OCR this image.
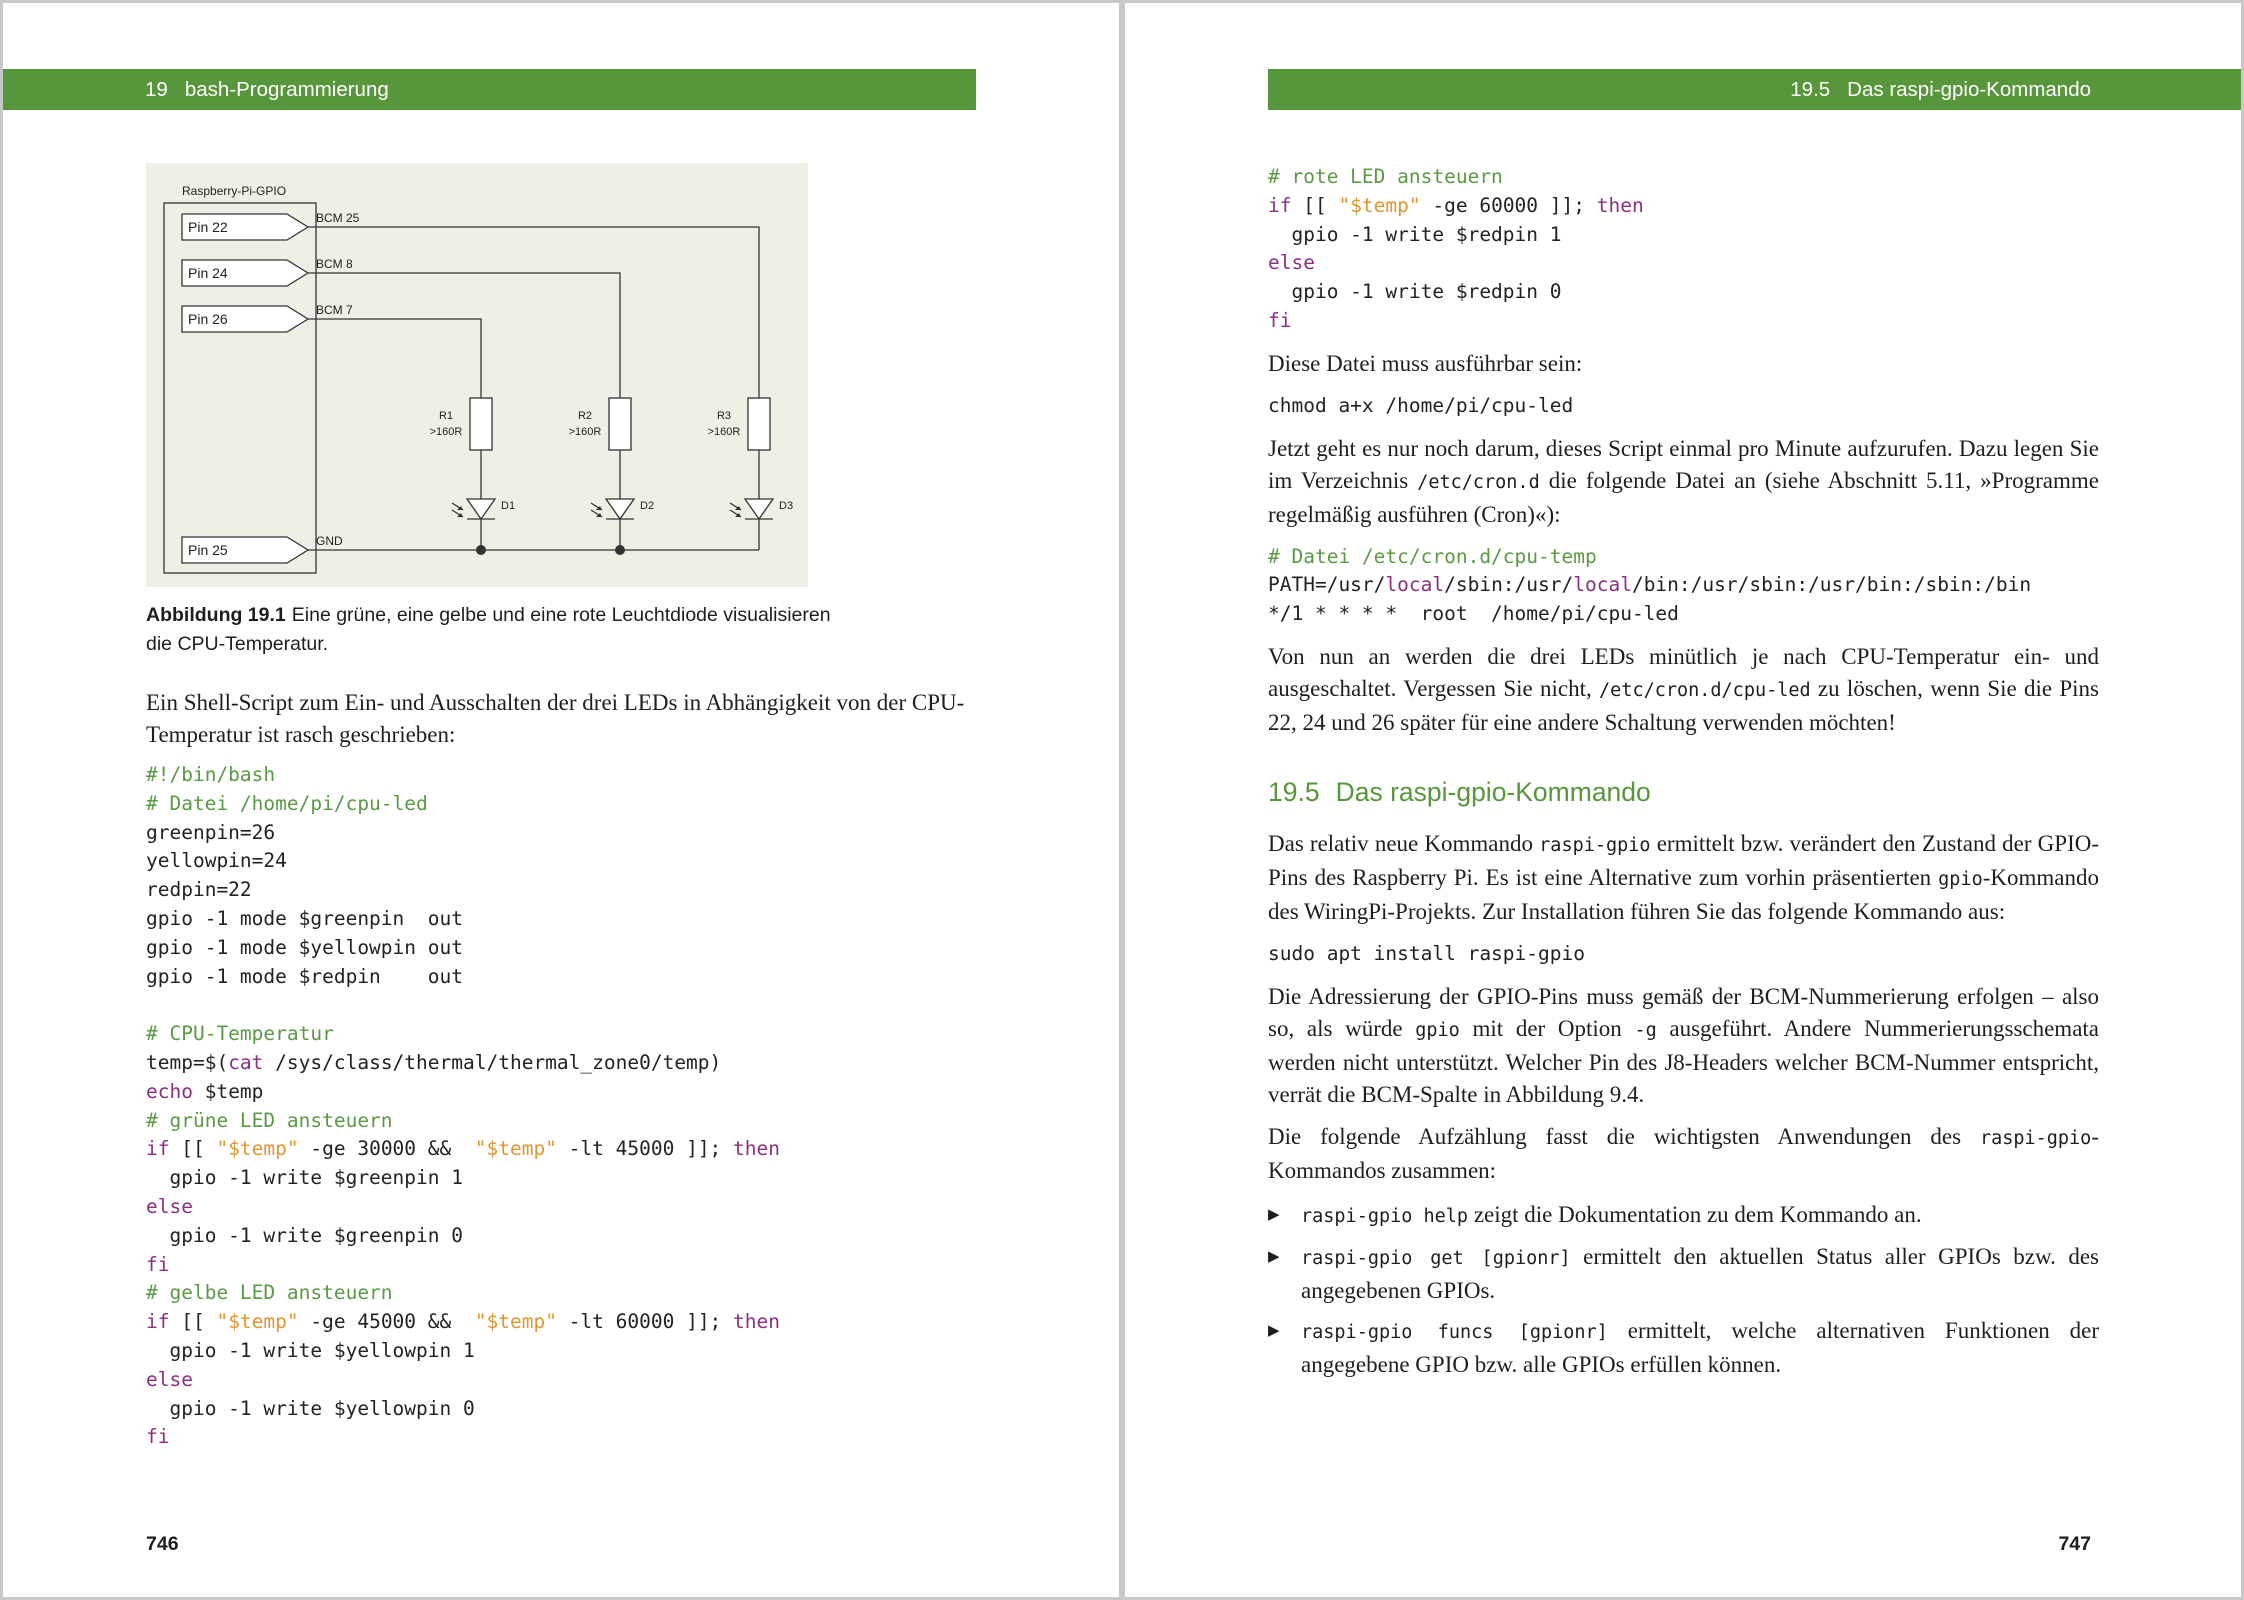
19 bash-Programmierung
Raspberry-Pi-GPIO
Pin 22
Pin 24
Pin 26
Pin 25
BCM 25
BCM 8
BCM 7
GND
R1
>160R
R2
>160R
R3
>160R
D1	D2	D3
Abbildung 19.1 Eine grüne, eine gelbe und eine rote Leuchtdiode visualisieren
die CPU-Temperatur.

Ein Shell-Script zum Ein- und Ausschalten der drei LEDs in Abhängigkeit von der CPU-
Temperatur ist rasch geschrieben:

#!/bin/bash
# Datei /home/pi/cpu-led
greenpin=26
yellowpin=24
redpin=22
gpio -1 mode $greenpin  out
gpio -1 mode $yellowpin out
gpio -1 mode $redpin    out

# CPU-Temperatur
temp=$(cat /sys/class/thermal/thermal_zone0/temp)
echo $temp
# grüne LED ansteuern
if [[ "$temp" -ge 30000 &&  "$temp" -lt 45000 ]]; then
gpio -1 write $greenpin 1
else
gpio -1 write $greenpin 0
fi
# gelbe LED ansteuern
if [[ "$temp" -ge 45000 &&  "$temp" -lt 60000 ]]; then
gpio -1 write $yellowpin 1
else
gpio -1 write $yellowpin 0
fi
746
19.5 Das raspi-gpio-Kommando
# rote LED ansteuern
if [[ "$temp" -ge 60000 ]]; then
gpio -1 write $redpin 1
else
gpio -1 write $redpin 0
fi

Diese Datei muss ausführbar sein:

chmod a+x /home/pi/cpu-led

Jetzt geht es nur noch darum, dieses Script einmal pro Minute aufzurufen. Dazu legen Sie im Verzeichnis /etc/cron.d die folgende Datei an (siehe Abschnitt 5.11, »Programme regelmäßig ausführen (Cron)«):

# Datei /etc/cron.d/cpu-temp
PATH=/usr/local/sbin:/usr/local/bin:/usr/sbin:/usr/bin:/sbin:/bin
*/1 * * * *  root  /home/pi/cpu-led

Von nun an werden die drei LEDs minütlich je nach CPU-Temperatur ein- und ausgeschaltet. Vergessen Sie nicht, /etc/cron.d/cpu-led zu löschen, wenn Sie die Pins 22, 24 und 26 später für eine andere Schaltung verwenden möchten!

19.5 Das raspi-gpio-Kommando

Das relativ neue Kommando raspi-gpio ermittelt bzw. verändert den Zustand der GPIO-Pins des Raspberry Pi. Es ist eine Alternative zum vorhin präsentierten gpio-Kommando des WiringPi-Projekts. Zur Installation führen Sie das folgende Kommando aus:

sudo apt install raspi-gpio

Die Adressierung der GPIO-Pins muss gemäß der BCM-Nummerierung erfolgen – also so, als würde gpio mit der Option -g ausgeführt. Andere Nummerierungsschemata werden nicht unterstützt. Welcher Pin des J8-Headers welcher BCM-Nummer entspricht, verrät die BCM-Spalte in Abbildung 9.4.

Die folgende Aufzählung fasst die wichtigsten Anwendungen des raspi-gpio-Kommandos zusammen:

▶ raspi-gpio help zeigt die Dokumentation zu dem Kommando an.
▶ raspi-gpio get [gpionr] ermittelt den aktuellen Status aller GPIOs bzw. des angegebenen GPIOs.
▶ raspi-gpio funcs [gpionr] ermittelt, welche alternativen Funktionen der angegebene GPIO bzw. alle GPIOs erfüllen können.
747
